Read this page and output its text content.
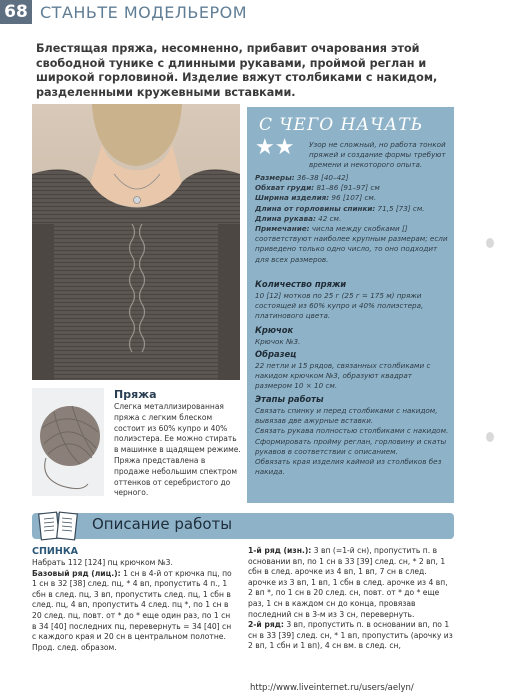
68 СТАНЬТЕ МОДЕЛЬЕРОМ
Блестящая пряжа, несомненно, прибавит очарования этой свободной тунике с длинными рукавами, проймой реглан и широкой горловиной. Изделие вяжут столбиками с накидом, разделенными кружевными вставками.
С ЧЕГО НАЧАТЬ
★★ Узор не сложный, но работа тонкой пряжей и создание формы требуют времени и некоторого опыта.
Размеры: 36–38 [40–42]
Обхват груди: 81–86 [91–97] см
Ширина изделия: 96 [107] см.
Длина от горловины спинки: 71,5 [73] см.
Длина рукава: 42 см.
Примечание: числа между скобками [] соответствуют наиболее крупным размерам; если приведено только одно число, то оно подходит для всех размеров.
Количество пряжи
10 [12] мотков по 25 г (25 г = 175 м) пряжи состоящей из 60% купро и 40% полиэстера, платинового цвета.
Крючок
Крючок №3.
Образец
22 петли и 15 рядов, связанных столбиками с накидом крючком №3, образуют квадрат размером 10 × 10 см.
Этапы работы
Связать спинку и перед столбиками с накидом, вывязав две ажурные вставки.
Связать рукава полностью столбиками с накидом.
Сформировать пройму реглан, горловину и скаты рукавов в соответствии с описанием.
Обвязать края изделия каймой из столбиков без накида.
Пряжа
Слегка металлизированная пряжа с легким блеском состоит из 60% купро и 40% полиэстера. Ее можно стирать в машинке в щадящем режиме. Пряжа представлена в продаже небольшим спектром оттенков от серебристого до черного.
Описание работы
СПИНКА
Набрать 112 [124] пц крючком №3.
Базовый ряд (лиц.): 1 сн в 4-й от крючка пц, по 1 сн в 32 [38] след. пц, * 4 вп, пропустить 4 п., 1 сбн в след. пц, 3 вп, пропустить след. пц, 1 сбн в след. пц, 4 вп, пропустить 4 след. пц *, по 1 сн в 20 след. пц, повт. от * до * еще один раз, по 1 сн в 34 [40] последних пц, перевернуть = 34 [40] сн с каждого края и 20 сн в центральном полотне. Прод. след. образом.
1-й ряд (изн.): 3 вп (=1-й сн), пропустить п. в основании вп, по 1 сн в 33 [39] след. сн, * 2 вп, 1 сбн в след. арочке из 4 вп, 1 вп, 7 сн в след. арочке из 3 вп, 1 вп, 1 сбн в след. арочке из 4 вп, 2 вп *, по 1 сн в 20 след. сн, повт. от * до * еще раз, 1 сн в каждом сн до конца, провязав последний сн в 3-м из 3 сн, перевернуть.
2-й ряд: 3 вп, пропустить п. в основании вп, по 1 сн в 33 [39] след. сн, * 1 вп, пропустить (арочку из 2 вп, 1 сбн и 1 вп), 4 сн вм. в след. сн,
http://www.liveinternet.ru/users/aelyn/
